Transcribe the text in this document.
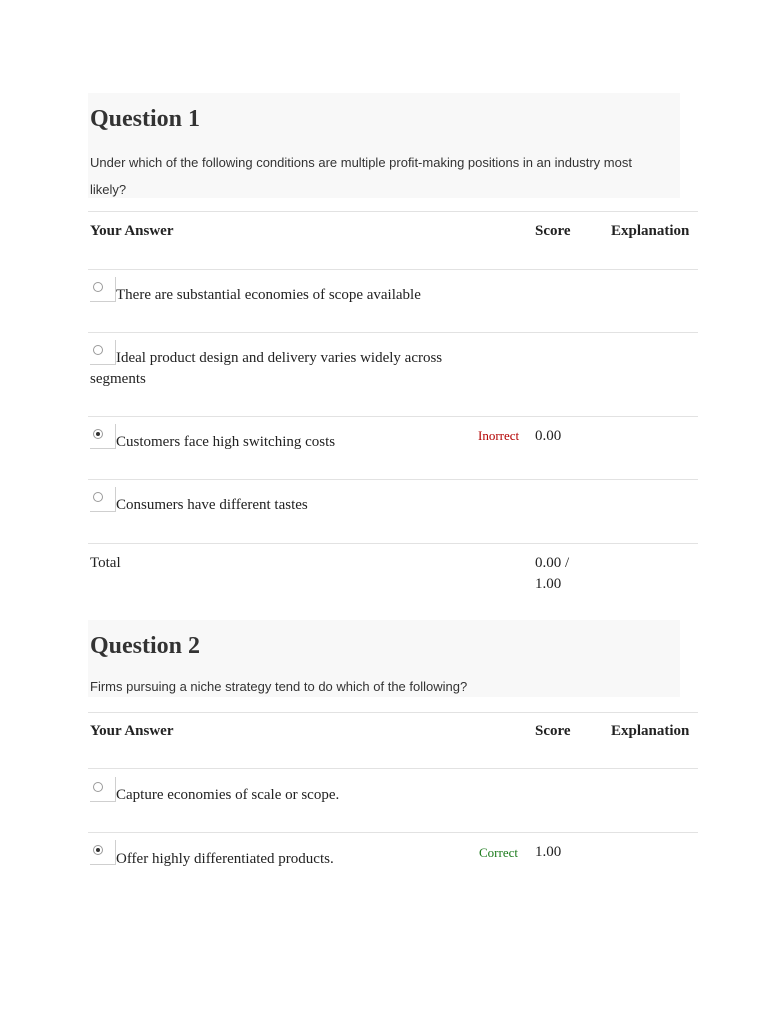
Question 1
Under which of the following conditions are multiple profit-making positions in an industry most likely?
Your Answer	Score	Explanation
There are substantial economies of scope available
Ideal product design and delivery varies widely across segments
Customers face high switching costs	Inorrect 0.00
Consumers have different tastes
Total	0.00 /
1.00
Question 2
Firms pursuing a niche strategy tend to do which of the following?
Your Answer	Score	Explanation
Capture economies of scale or scope.
Offer highly differentiated products.	Correct 1.00
